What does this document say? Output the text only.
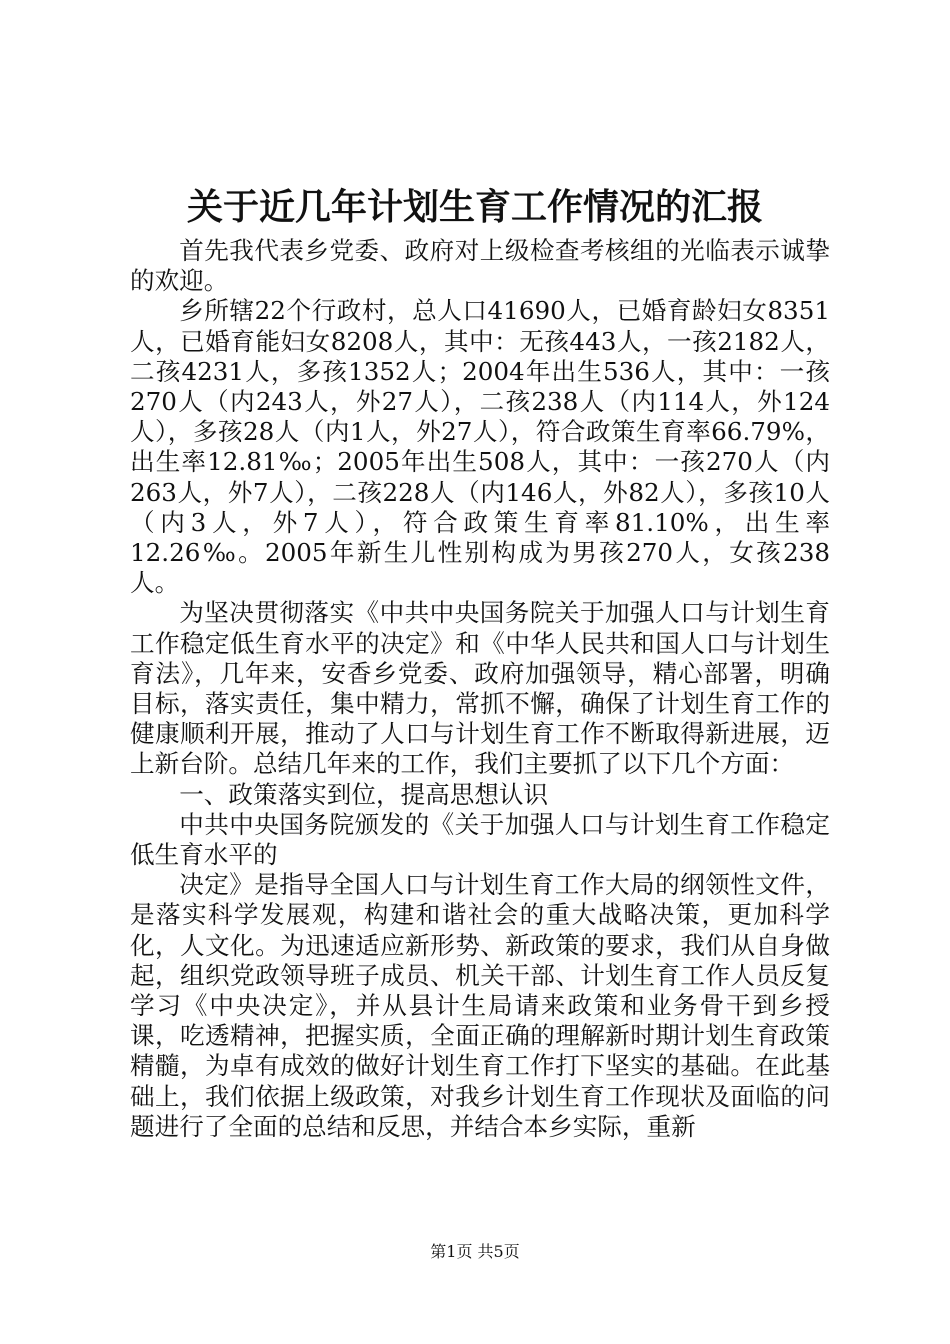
关于近几年计划生育工作情况的汇报

首先我代表乡党委、政府对上级检查考核组的光临表示诚挚的欢迎。

乡所辖22个行政村，总人口41690人，已婚育龄妇女8351人，已婚育能妇女8208人，其中：无孩443人，一孩2182人，二孩4231人，多孩1352人；2004年出生536人，其中：一孩270人（内243人，外27人），二孩238人（内114人，外124人），多孩28人（内1人，外27人），符合政策生育率66.79%，出生率12.81‰；2005年出生508人，其中：一孩270人（内263人，外7人），二孩228人（内146人，外82人），多孩10人（内3人，外7人），符合政策生育率81.10%，出生率12.26‰。2005年新生儿性别构成为男孩270人，女孩238人。

为坚决贯彻落实《中共中央国务院关于加强人口与计划生育工作稳定低生育水平的决定》和《中华人民共和国人口与计划生育法》，几年来，安香乡党委、政府加强领导，精心部署，明确目标，落实责任，集中精力，常抓不懈，确保了计划生育工作的健康顺利开展，推动了人口与计划生育工作不断取得新进展，迈上新台阶。总结几年来的工作，我们主要抓了以下几个方面：

一、政策落实到位，提高思想认识

中共中央国务院颁发的《关于加强人口与计划生育工作稳定低生育水平的

决定》是指导全国人口与计划生育工作大局的纲领性文件，是落实科学发展观，构建和谐社会的重大战略决策，更加科学化，人文化。为迅速适应新形势、新政策的要求，我们从自身做起，组织党政领导班子成员、机关干部、计划生育工作人员反复学习《中央决定》，并从县计生局请来政策和业务骨干到乡授课，吃透精神，把握实质，全面正确的理解新时期计划生育政策精髓，为卓有成效的做好计划生育工作打下坚实的基础。在此基础上，我们依据上级政策，对我乡计划生育工作现状及面临的问题进行了全面的总结和反思，并结合本乡实际，重新

第1页 共5页
